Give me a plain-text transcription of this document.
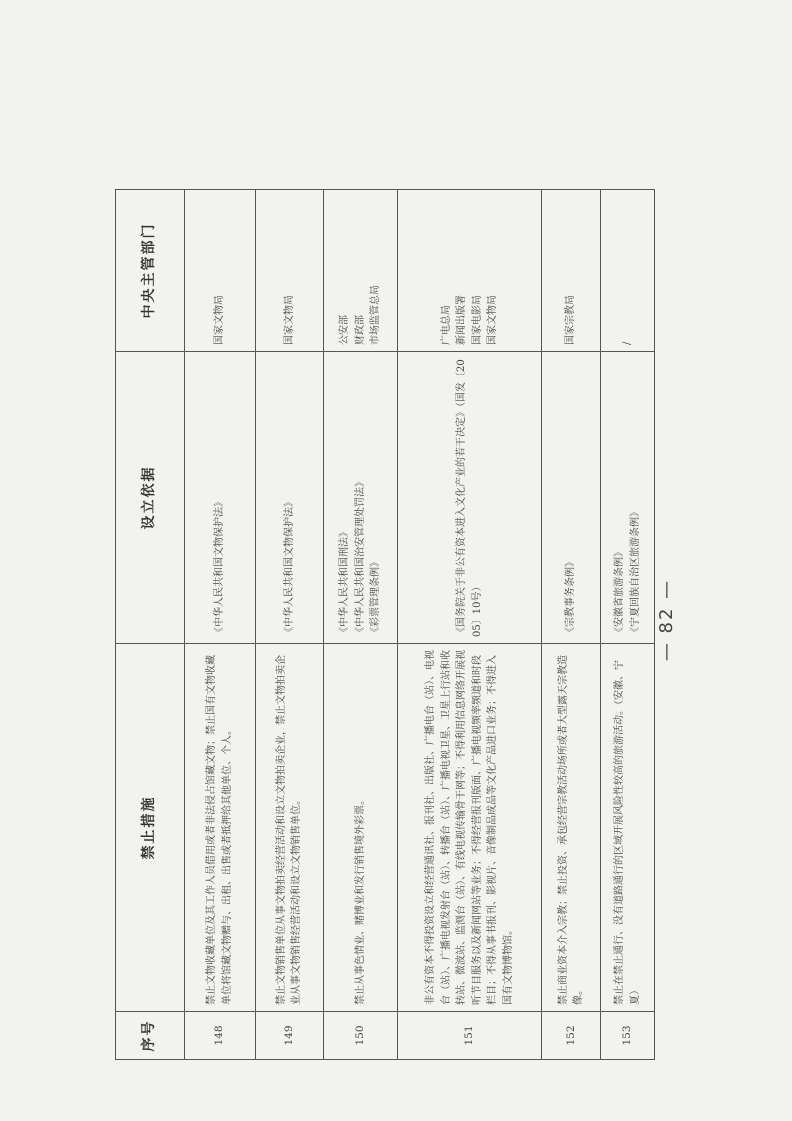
序号	禁止措施	设立依据	中央主管部门
148	禁止文物收藏单位及其工作人员借用或者非法侵占馆藏文物；禁止国有文物收藏单位将馆藏文物赠与、出租、出售或者抵押给其他单位、个人。	《中华人民共和国文物保护法》	国家文物局

149	禁止文物销售单位从事文物拍卖经营活动和设立文物拍卖企业，禁止文物拍卖企业从事文物销售经营活动和设立文物销售单位。	《中华人民共和国文物保护法》	国家文物局

150	禁止从事色情业、赌博业和发行销售境外彩票。	《中华人民共和国刑法》 《中华人民共和国治安管理处罚法》 《彩票管理条例》	公安部 财政部 市场监管总局

151	非公有资本不得投资设立和经营通讯社、报刊社、出版社、广播电台（站）、电视台（站）、广播电视发射台（站）、转播台（站）、广播电视卫星、卫星上行站和收转站、微波站、监测台（站）、有线电视传输骨干网等；不得利用信息网络开展视听节目服务以及新闻网站等业务；不得经营报刊版面、广播电视频率频道和时段栏目；不得从事书报刊、影视片、音像制品成品等文化产品进口业务；不得进入国有文物博物馆。	《国务院关于非公有资本进入文化产业的若干决定》（国发〔2005〕10号）	广电总局 新闻出版署 国家电影局 国家文物局

152	禁止商业资本介入宗教；禁止投资、承包经营宗教活动场所或者大型露天宗教造像。	《宗教事务条例》	国家宗教局

153	禁止在禁止通行、没有道路通行的区域开展风险性较高的旅游活动。（安徽、宁夏）	《安徽省旅游条例》 《宁夏回族自治区旅游条例》	/
— 82 —
